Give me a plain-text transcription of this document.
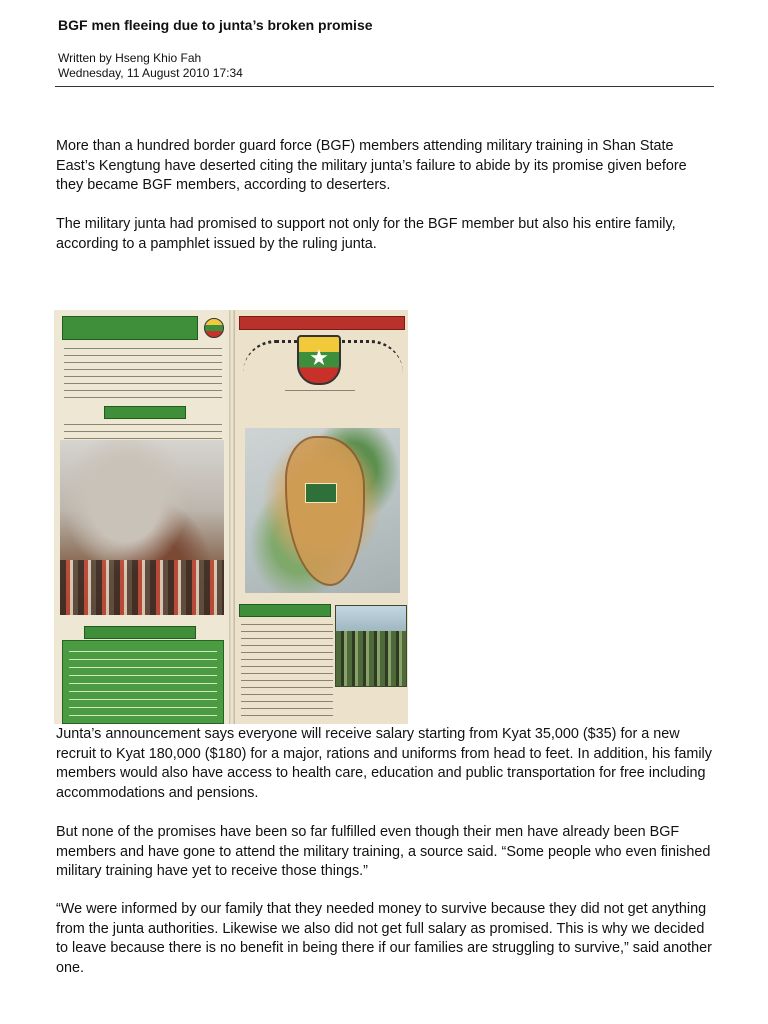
BGF men fleeing due to junta’s broken promise
Written by Hseng Khio Fah
Wednesday, 11 August 2010 17:34

More than a hundred border guard force (BGF) members attending military training in Shan State East’s Kengtung have deserted citing the military junta’s failure to abide by its promise given before they became BGF members, according to deserters.

The military junta had promised to support not only for the BGF member but also his entire family, according to a pamphlet issued by the ruling junta.

★

Junta’s announcement says everyone will receive salary starting from Kyat 35,000 ($35) for a new recruit to Kyat 180,000 ($180) for a major, rations and uniforms from head to feet. In addition, his family members would also have access to health care, education and public transportation for free including accommodations and pensions.

But none of the promises have been so far fulfilled even though their men have already been BGF members and have gone to attend the military training, a source said. “Some people who even finished military training have yet to receive those things.”

“We were informed by our family that they needed money to survive because they did not get anything from the junta authorities. Likewise we also did not get full salary as promised. This is why we decided to leave because there is no benefit in being there if our families are struggling to survive,” said another one.
